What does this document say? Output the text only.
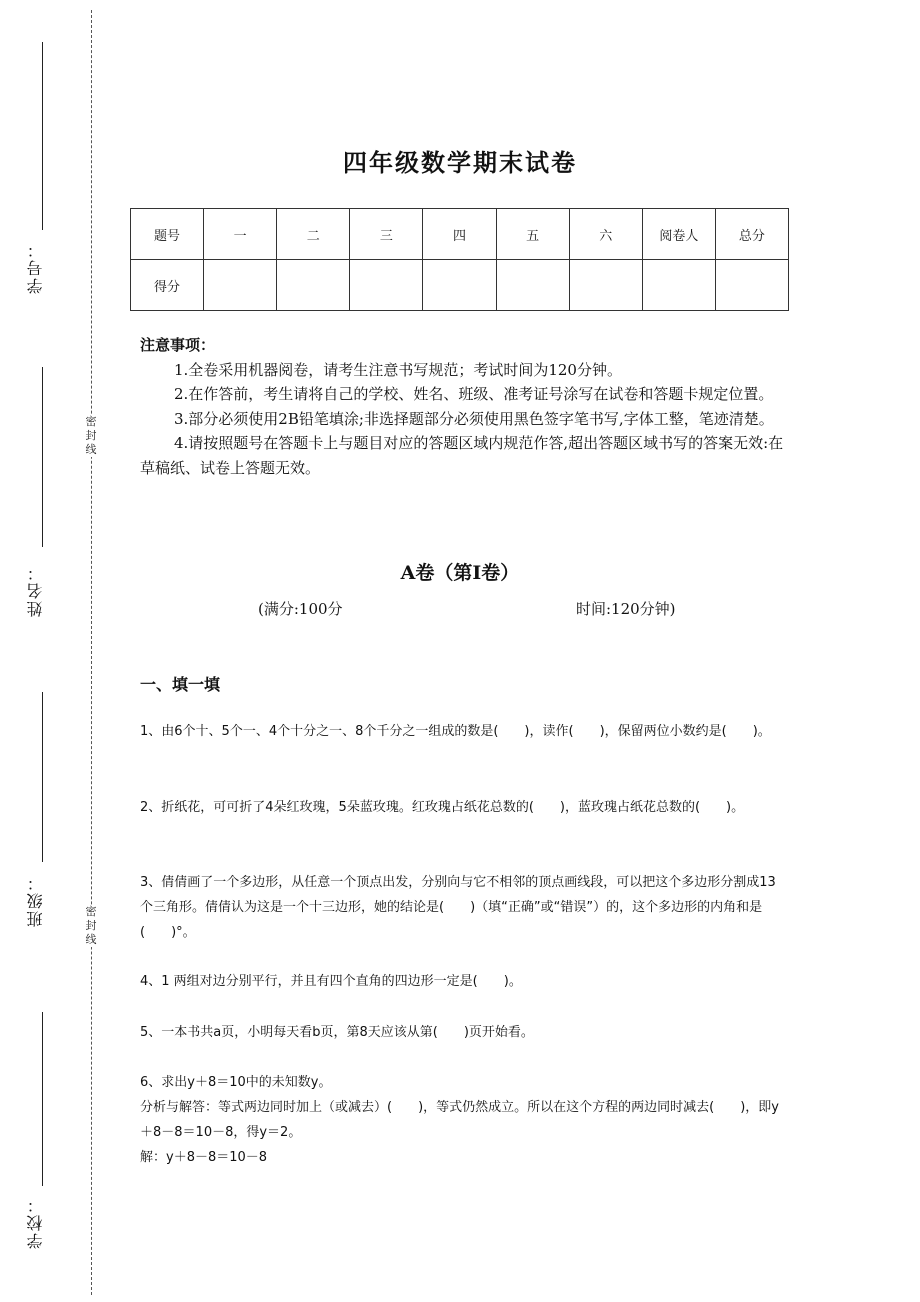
学号：
姓名：
班级：
学校：
密
封
线
密
封
线
四年级数学期末试卷
题号	一	二	三	四	五	六	阅卷人	总分
得分								
注意事项：

1.全卷采用机器阅卷，请考生注意书写规范；考试时间为120分钟。

2.在作答前，考生请将自己的学校、姓名、班级、准考证号涂写在试卷和答题卡规定位置。

3.部分必须使用2B铅笔填涂;非选择题部分必须使用黑色签字笔书写,字体工整，笔迹清楚。

4.请按照题号在答题卡上与题目对应的答题区域内规范作答,超出答题区域书写的答案无效:在草稿纸、试卷上答题无效。

A卷（第Ⅰ卷）
(满分:100分	时间:120分钟)
一、填一填

1、由6个十、5个一、4个十分之一、8个千分之一组成的数是(　　)，读作(　　)，保留两位小数约是(　　)。

2、折纸花，可可折了4朵红玫瑰，5朵蓝玫瑰。红玫瑰占纸花总数的(　　)，蓝玫瑰占纸花总数的(　　)。

3、倩倩画了一个多边形，从任意一个顶点出发，分别向与它不相邻的顶点画线段，可以把这个多边形分割成13个三角形。倩倩认为这是一个十三边形，她的结论是(　　)（填“正确”或“错误”）的，这个多边形的内角和是(　　)°。

4、1 两组对边分别平行，并且有四个直角的四边形一定是(　　)。

5、一本书共a页，小明每天看b页，第8天应该从第(　　)页开始看。

6、求出y＋8＝10中的未知数y。

分析与解答：等式两边同时加上（或减去）(　　)，等式仍然成立。所以在这个方程的两边同时减去(　　)，即y＋8－8＝10－8，得y＝2。

解：y＋8－8＝10－8
